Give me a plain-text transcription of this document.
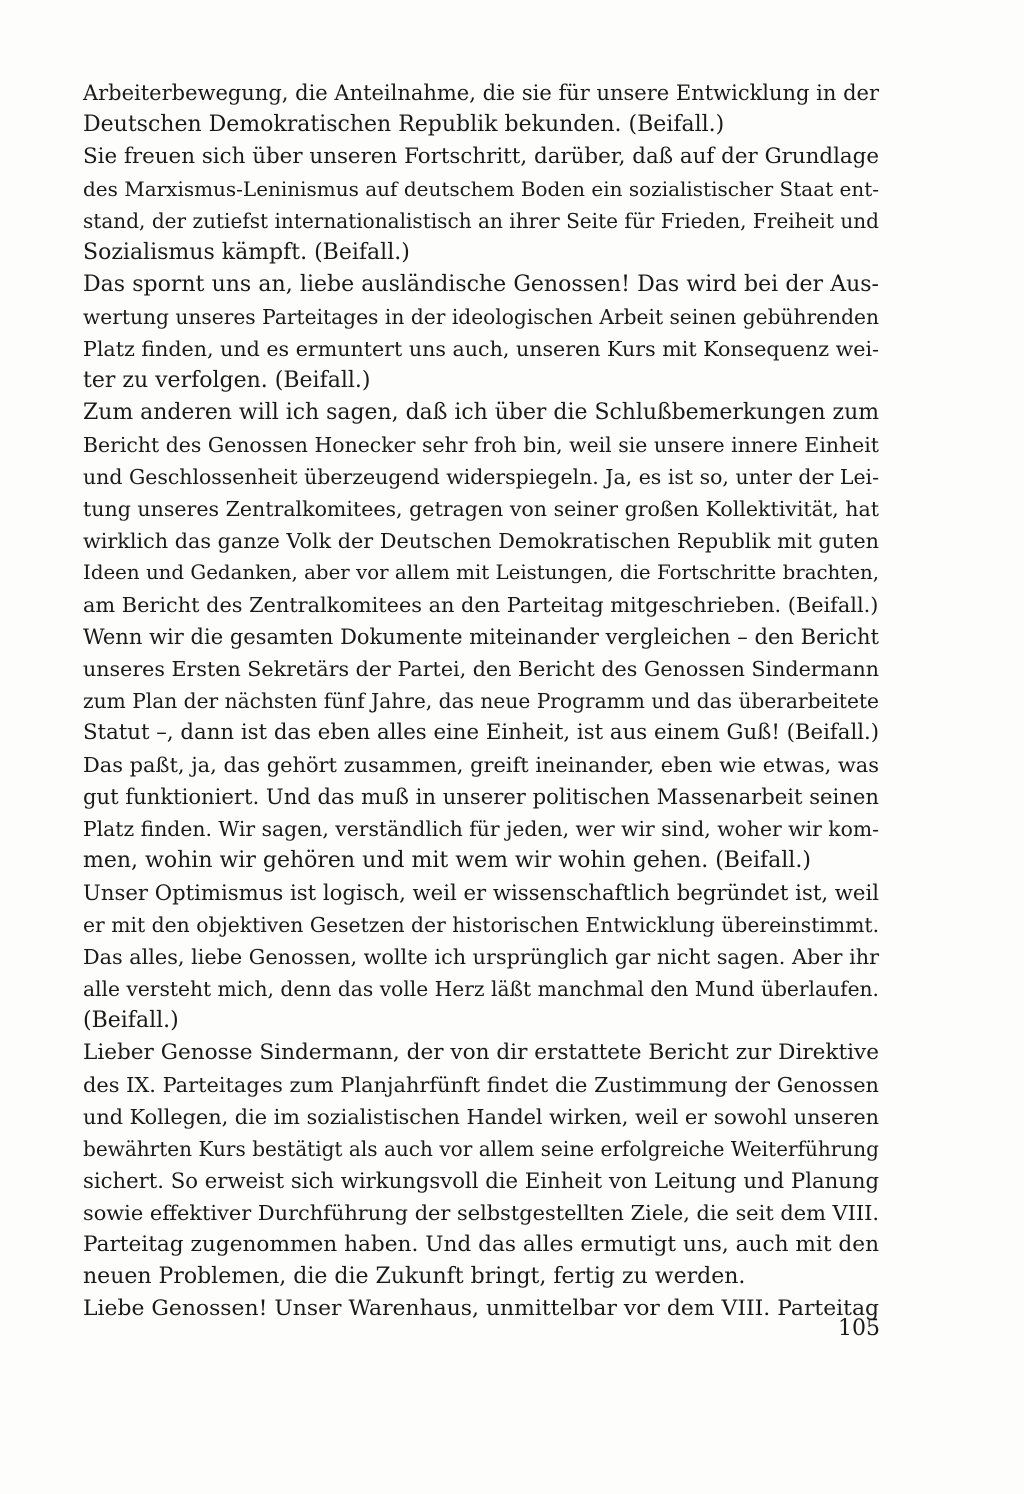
Arbeiterbewegung, die Anteilnahme, die sie für unsere Entwicklung in der
Deutschen Demokratischen Republik bekunden. (Beifall.)
Sie freuen sich über unseren Fortschritt, darüber, daß auf der Grundlage
des Marxismus-Leninismus auf deutschem Boden ein sozialistischer Staat ent-
stand, der zutiefst internationalistisch an ihrer Seite für Frieden, Freiheit und
Sozialismus kämpft. (Beifall.)
Das spornt uns an, liebe ausländische Genossen! Das wird bei der Aus-
wertung unseres Parteitages in der ideologischen Arbeit seinen gebührenden
Platz finden, und es ermuntert uns auch, unseren Kurs mit Konsequenz wei-
ter zu verfolgen. (Beifall.)
Zum anderen will ich sagen, daß ich über die Schlußbemerkungen zum
Bericht des Genossen Honecker sehr froh bin, weil sie unsere innere Einheit
und Geschlossenheit überzeugend widerspiegeln. Ja, es ist so, unter der Lei-
tung unseres Zentralkomitees, getragen von seiner großen Kollektivität, hat
wirklich das ganze Volk der Deutschen Demokratischen Republik mit guten
Ideen und Gedanken, aber vor allem mit Leistungen, die Fortschritte brachten,
am Bericht des Zentralkomitees an den Parteitag mitgeschrieben. (Beifall.)
Wenn wir die gesamten Dokumente miteinander vergleichen – den Bericht
unseres Ersten Sekretärs der Partei, den Bericht des Genossen Sindermann
zum Plan der nächsten fünf Jahre, das neue Programm und das überarbeitete
Statut –, dann ist das eben alles eine Einheit, ist aus einem Guß! (Beifall.)
Das paßt, ja, das gehört zusammen, greift ineinander, eben wie etwas, was
gut funktioniert. Und das muß in unserer politischen Massenarbeit seinen
Platz finden. Wir sagen, verständlich für jeden, wer wir sind, woher wir kom-
men, wohin wir gehören und mit wem wir wohin gehen. (Beifall.)
Unser Optimismus ist logisch, weil er wissenschaftlich begründet ist, weil
er mit den objektiven Gesetzen der historischen Entwicklung übereinstimmt.
Das alles, liebe Genossen, wollte ich ursprünglich gar nicht sagen. Aber ihr
alle versteht mich, denn das volle Herz läßt manchmal den Mund überlaufen.
(Beifall.)
Lieber Genosse Sindermann, der von dir erstattete Bericht zur Direktive
des IX. Parteitages zum Planjahrfünft findet die Zustimmung der Genossen
und Kollegen, die im sozialistischen Handel wirken, weil er sowohl unseren
bewährten Kurs bestätigt als auch vor allem seine erfolgreiche Weiterführung
sichert. So erweist sich wirkungsvoll die Einheit von Leitung und Planung
sowie effektiver Durchführung der selbstgestellten Ziele, die seit dem VIII.
Parteitag zugenommen haben. Und das alles ermutigt uns, auch mit den
neuen Problemen, die die Zukunft bringt, fertig zu werden.
Liebe Genossen! Unser Warenhaus, unmittelbar vor dem VIII. Parteitag
105
